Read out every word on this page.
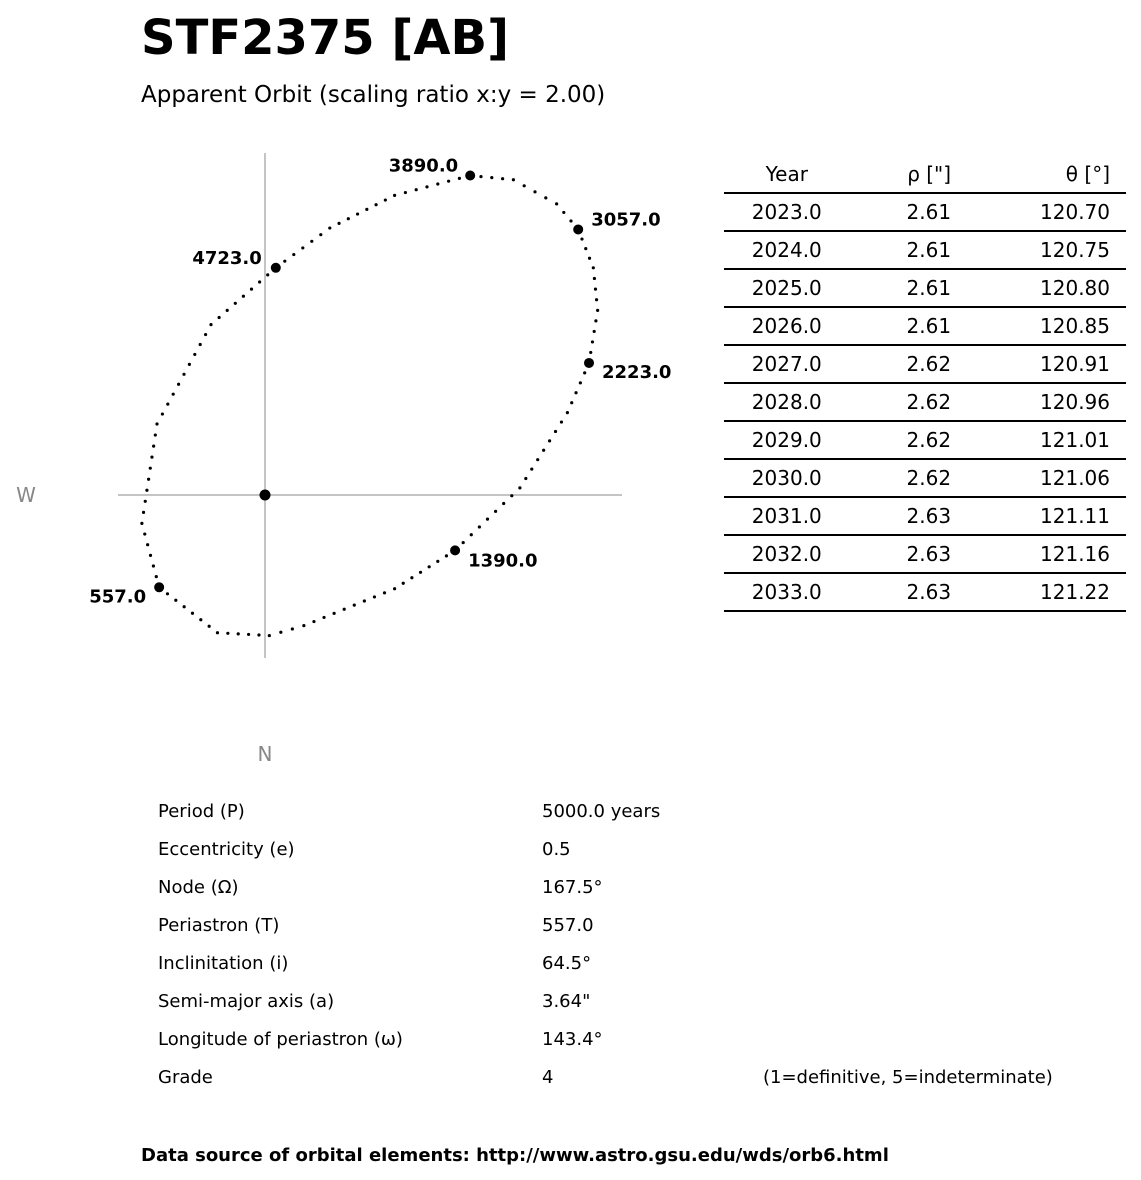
STF2375 [AB]
Apparent Orbit (scaling ratio x:y = 2.00)
3890.0
3057.0
4723.0
2223.0
1390.0
557.0
W
N
Year	ρ ["]	θ [°]
2023.0	2.61	120.70
2024.0	2.61	120.75
2025.0	2.61	120.80
2026.0	2.61	120.85
2027.0	2.62	120.91
2028.0	2.62	120.96
2029.0	2.62	121.01
2030.0	2.62	121.06
2031.0	2.63	121.11
2032.0	2.63	121.16
2033.0	2.63	121.22
Period (P)	5000.0 years
Eccentricity (e)	0.5
Node (Ω)	167.5°
Periastron (T)	557.0
Inclinitation (i)	64.5°
Semi-major axis (a)	3.64"
Longitude of periastron (ω)	143.4°
Grade	4	(1=definitive, 5=indeterminate)
Data source of orbital elements: http://www.astro.gsu.edu/wds/orb6.html
